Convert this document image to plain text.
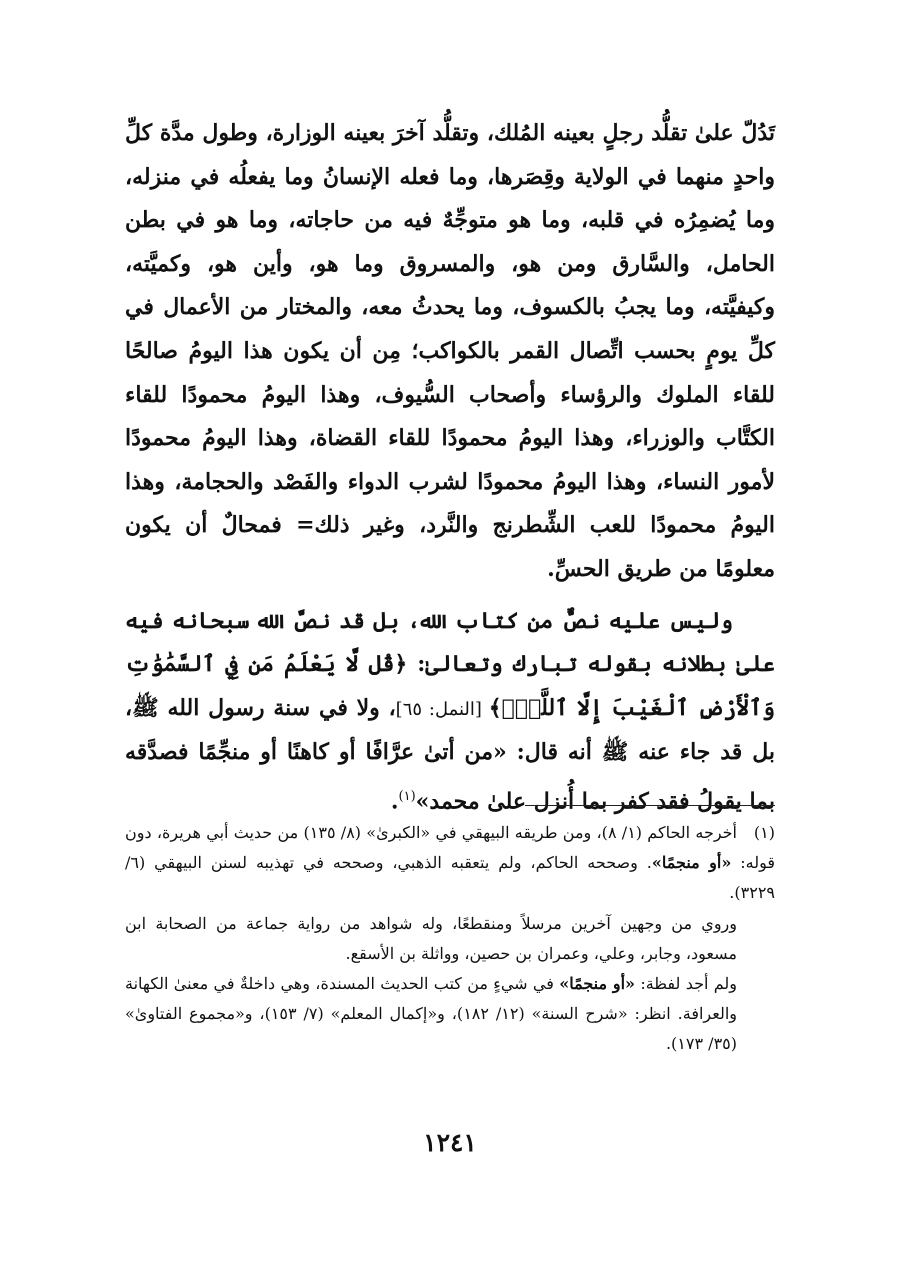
تَدُلّ علىٰ تقلُّد رجلٍ بعينه المُلك، وتقلُّد آخرَ بعينه الوزارة، وطول مدَّة كلِّ واحدٍ منهما في الولاية وقِصَرها، وما فعله الإنسانُ وما يفعلُه في منزله، وما يُضمِرُه في قلبه، وما هو متوجِّهٌ فيه من حاجاته، وما هو في بطن الحامل، والسَّارق ومن هو، والمسروق وما هو، وأين هو، وكميَّته، وكيفيَّته، وما يجبُ بالكسوف، وما يحدثُ معه، والمختار من الأعمال في كلِّ يومٍ بحسب اتِّصال القمر بالكواكب؛ مِن أن يكون هذا اليومُ صالحًا للقاء الملوك والرؤساء وأصحاب السُّيوف، وهذا اليومُ محمودًا للقاء الكتَّاب والوزراء، وهذا اليومُ محمودًا للقاء القضاة، وهذا اليومُ محمودًا لأمور النساء، وهذا اليومُ محمودًا لشرب الدواء والفَصْد والحجامة، وهذا اليومُ محمودًا للعب الشِّطرنج والنَّرد، وغير ذلك= فمحالٌ أن يكون معلومًا من طريق الحسِّ.

وليس عليه نصٌّ من كتاب الله، بل قد نصَّ الله سبحانه فيه علىٰ بطلانه بقوله تبارك وتعالىٰ: ﴿قُل لَّا يَعْلَمُ مَن فِي ٱلسَّمَٰوَٰتِ وَٱلْأَرْضِ ٱلْغَيْبَ إِلَّا ٱللَّهُۚ﴾ [النمل: ٦٥]، ولا في سنة رسول الله ﷺ، بل قد جاء عنه ﷺ أنه قال: «من أتىٰ عرَّافًا أو كاهنًا أو منجِّمًا فصدَّقه بما يقولُ فقد كفر بما أُنزل علىٰ محمد»$^{(١)}$.

(١)أخرجه الحاكم (١/ ٨)، ومن طريقه البيهقي في «الكبرىٰ» (٨/ ١٣٥) من حديث أبي هريرة، دون قوله: «أو منجمًا». وصححه الحاكم، ولم يتعقبه الذهبي، وصححه في تهذيبه لسنن البيهقي (٦/ ٣٢٢٩).

وروي من وجهين آخرين مرسلاً ومنقطعًا، وله شواهد من رواية جماعة من الصحابة ابن مسعود، وجابر، وعلي، وعمران بن حصين، وواثلة بن الأسقع.

ولم أجد لفظة: «أو منجمًا» في شيءٍ من كتب الحديث المسندة، وهي داخلةٌ في معنىٰ الكهانة والعرافة. انظر: «شرح السنة» (١٢/ ١٨٢)، و«إكمال المعلم» (٧/ ١٥٣)، و«مجموع الفتاوىٰ» (٣٥/ ١٧٣).

١٢٤١
